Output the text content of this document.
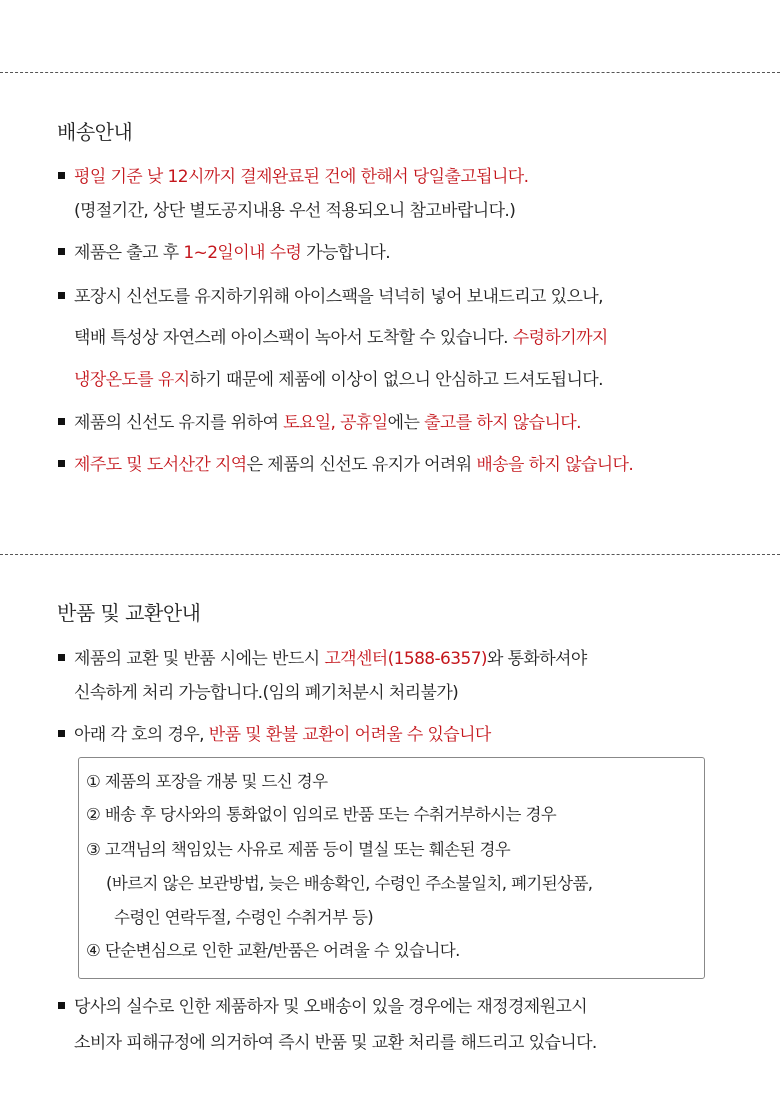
배송안내
평일 기준 낮 12시까지 결제완료된 건에 한해서 당일출고됩니다.
(명절기간, 상단 별도공지내용 우선 적용되오니 참고바랍니다.)
제품은 출고 후 1~2일이내 수령 가능합니다.
포장시 신선도를 유지하기위해 아이스팩을 넉넉히 넣어 보내드리고 있으나,
택배 특성상 자연스레 아이스팩이 녹아서 도착할 수 있습니다. 수령하기까지
냉장온도를 유지하기 때문에 제품에 이상이 없으니 안심하고 드셔도됩니다.
제품의 신선도 유지를 위하여 토요일, 공휴일에는 출고를 하지 않습니다.
제주도 및 도서산간 지역은 제품의 신선도 유지가 어려워 배송을 하지 않습니다.
반품 및 교환안내
제품의 교환 및 반품 시에는 반드시 고객센터(1588-6357)와 통화하셔야
신속하게 처리 가능합니다.(임의 폐기처분시 처리불가)
아래 각 호의 경우, 반품 및 환불 교환이 어려울 수 있습니다
① 제품의 포장을 개봉 및 드신 경우
② 배송 후 당사와의 통화없이 임의로 반품 또는 수취거부하시는 경우
③ 고객님의 책임있는 사유로 제품 등이 멸실 또는 훼손된 경우
(바르지 않은 보관방법, 늦은 배송확인, 수령인 주소불일치, 폐기된상품,
수령인 연락두절, 수령인 수취거부 등)
④ 단순변심으로 인한 교환/반품은 어려울 수 있습니다.
당사의 실수로 인한 제품하자 및 오배송이 있을 경우에는 재정경제원고시
소비자 피해규정에 의거하여 즉시 반품 및 교환 처리를 해드리고 있습니다.
